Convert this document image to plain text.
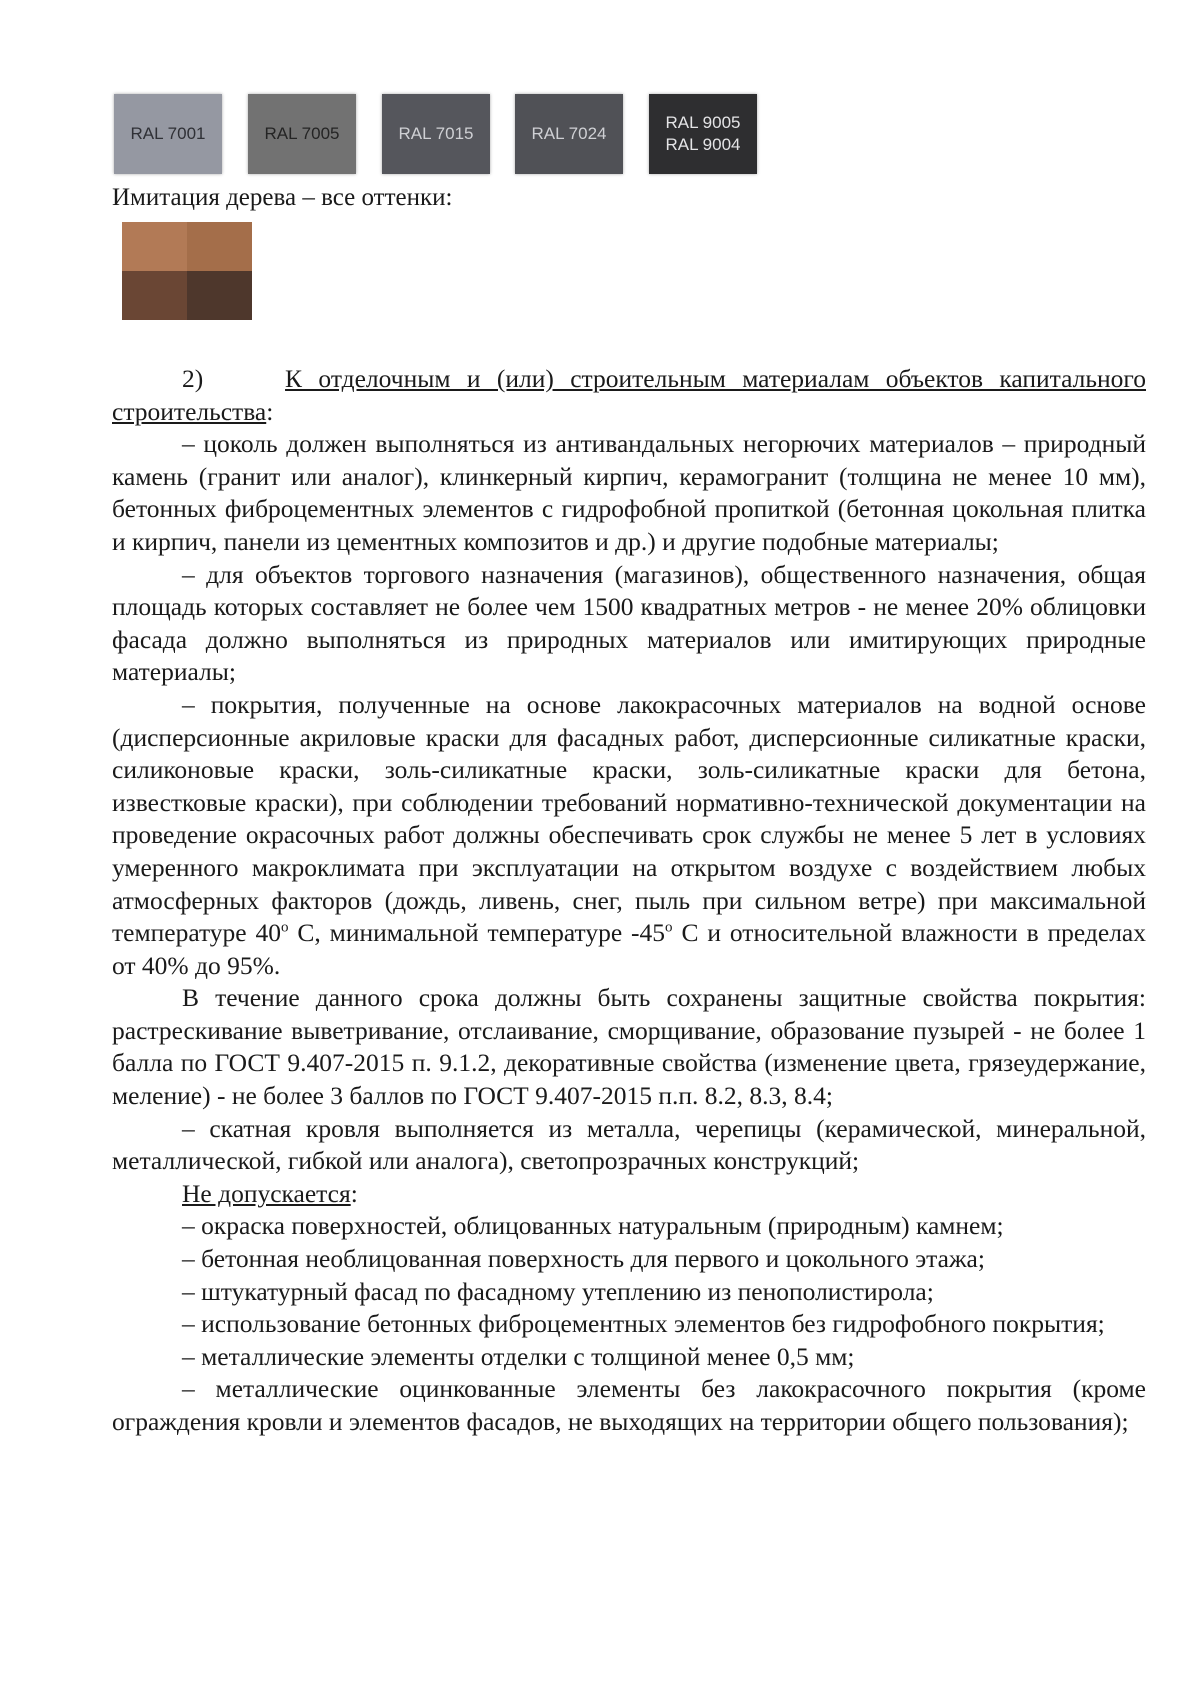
RAL 7001	RAL 7005	RAL 7015	RAL 7024
RAL 9005
RAL 9004
Имитация дерева – все оттенки:

2)	К отделочным и (или) строительным материалам объектов капитального строительства:

– цоколь должен выполняться из антивандальных негорючих материалов – природный камень (гранит или аналог), клинкерный кирпич, керамогранит (толщина не менее 10 мм), бетонных фиброцементных элементов с гидрофобной пропиткой (бетонная цокольная плитка и кирпич, панели из цементных композитов и др.) и другие подобные материалы;

– для объектов торгового назначения (магазинов), общественного назначения, общая площадь которых составляет не более чем 1500 квадратных метров - не менее 20% облицовки фасада должно выполняться из природных материалов или имитирующих природные материалы;

– покрытия, полученные на основе лакокрасочных материалов на водной основе (дисперсионные акриловые краски для фасадных работ, дисперсионные силикатные краски, силиконовые краски, золь-силикатные краски, золь-силикатные краски для бетона, известковые краски), при соблюдении требований нормативно-технической документации на проведение окрасочных работ должны обеспечивать срок службы не менее 5 лет в условиях умеренного макроклимата при эксплуатации на открытом воздухе с воздействием любых атмосферных факторов (дождь, ливень, снег, пыль при сильном ветре) при максимальной температуре $40^о$ С, минимальной температуре $-45^о$ С и относительной влажности в пределах от 40% до 95%.

В течение данного срока должны быть сохранены защитные свойства покрытия: растрескивание выветривание, отслаивание, сморщивание, образование пузырей - не более 1 балла по ГОСТ 9.407-2015 п. 9.1.2, декоративные свойства (изменение цвета, грязеудержание, меление) - не более 3 баллов по ГОСТ 9.407-2015 п.п. 8.2, 8.3, 8.4;

– скатная кровля выполняется из металла, черепицы (керамической, минеральной, металлической, гибкой или аналога), светопрозрачных конструкций;

Не допускается:

– окраска поверхностей, облицованных натуральным (природным) камнем;

– бетонная необлицованная поверхность для первого и цокольного этажа;

– штукатурный фасад по фасадному утеплению из пенополистирола;

– использование бетонных фиброцементных элементов без гидрофобного покрытия;

– металлические элементы отделки с толщиной менее 0,5 мм;

– металлические оцинкованные элементы без лакокрасочного покрытия (кроме ограждения кровли и элементов фасадов, не выходящих на территории общего пользования);
